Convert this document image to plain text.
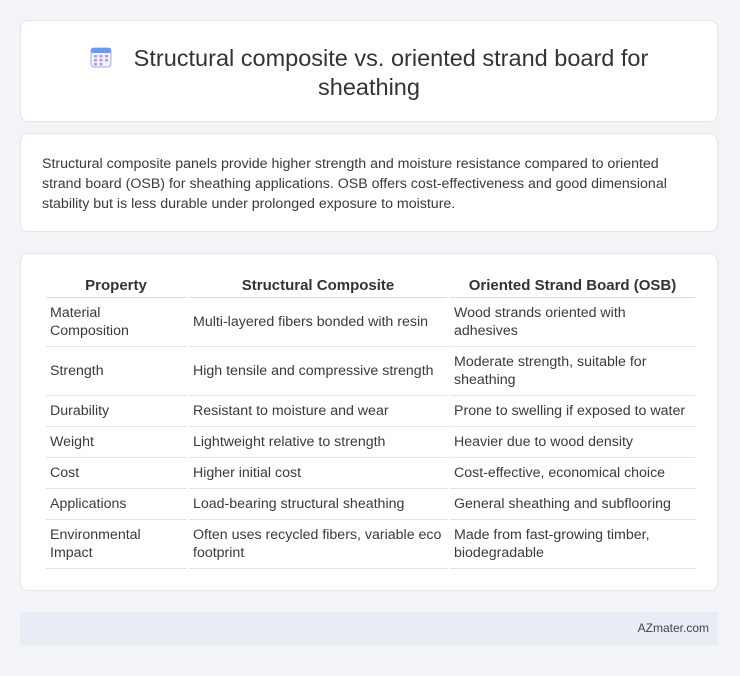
Structural composite vs. oriented strand board for sheathing
Structural composite panels provide higher strength and moisture resistance compared to oriented strand board (OSB) for sheathing applications. OSB offers cost-effectiveness and good dimensional stability but is less durable under prolonged exposure to moisture.
Property	Structural Composite	Oriented Strand Board (OSB)
Material Composition	Multi-layered fibers bonded with resin	Wood strands oriented with adhesives
Strength	High tensile and compressive strength	Moderate strength, suitable for sheathing
Durability	Resistant to moisture and wear	Prone to swelling if exposed to water
Weight	Lightweight relative to strength	Heavier due to wood density
Cost	Higher initial cost	Cost-effective, economical choice
Applications	Load-bearing structural sheathing	General sheathing and subflooring
Environmental Impact	Often uses recycled fibers, variable eco footprint	Made from fast-growing timber, biodegradable
AZmater.com
